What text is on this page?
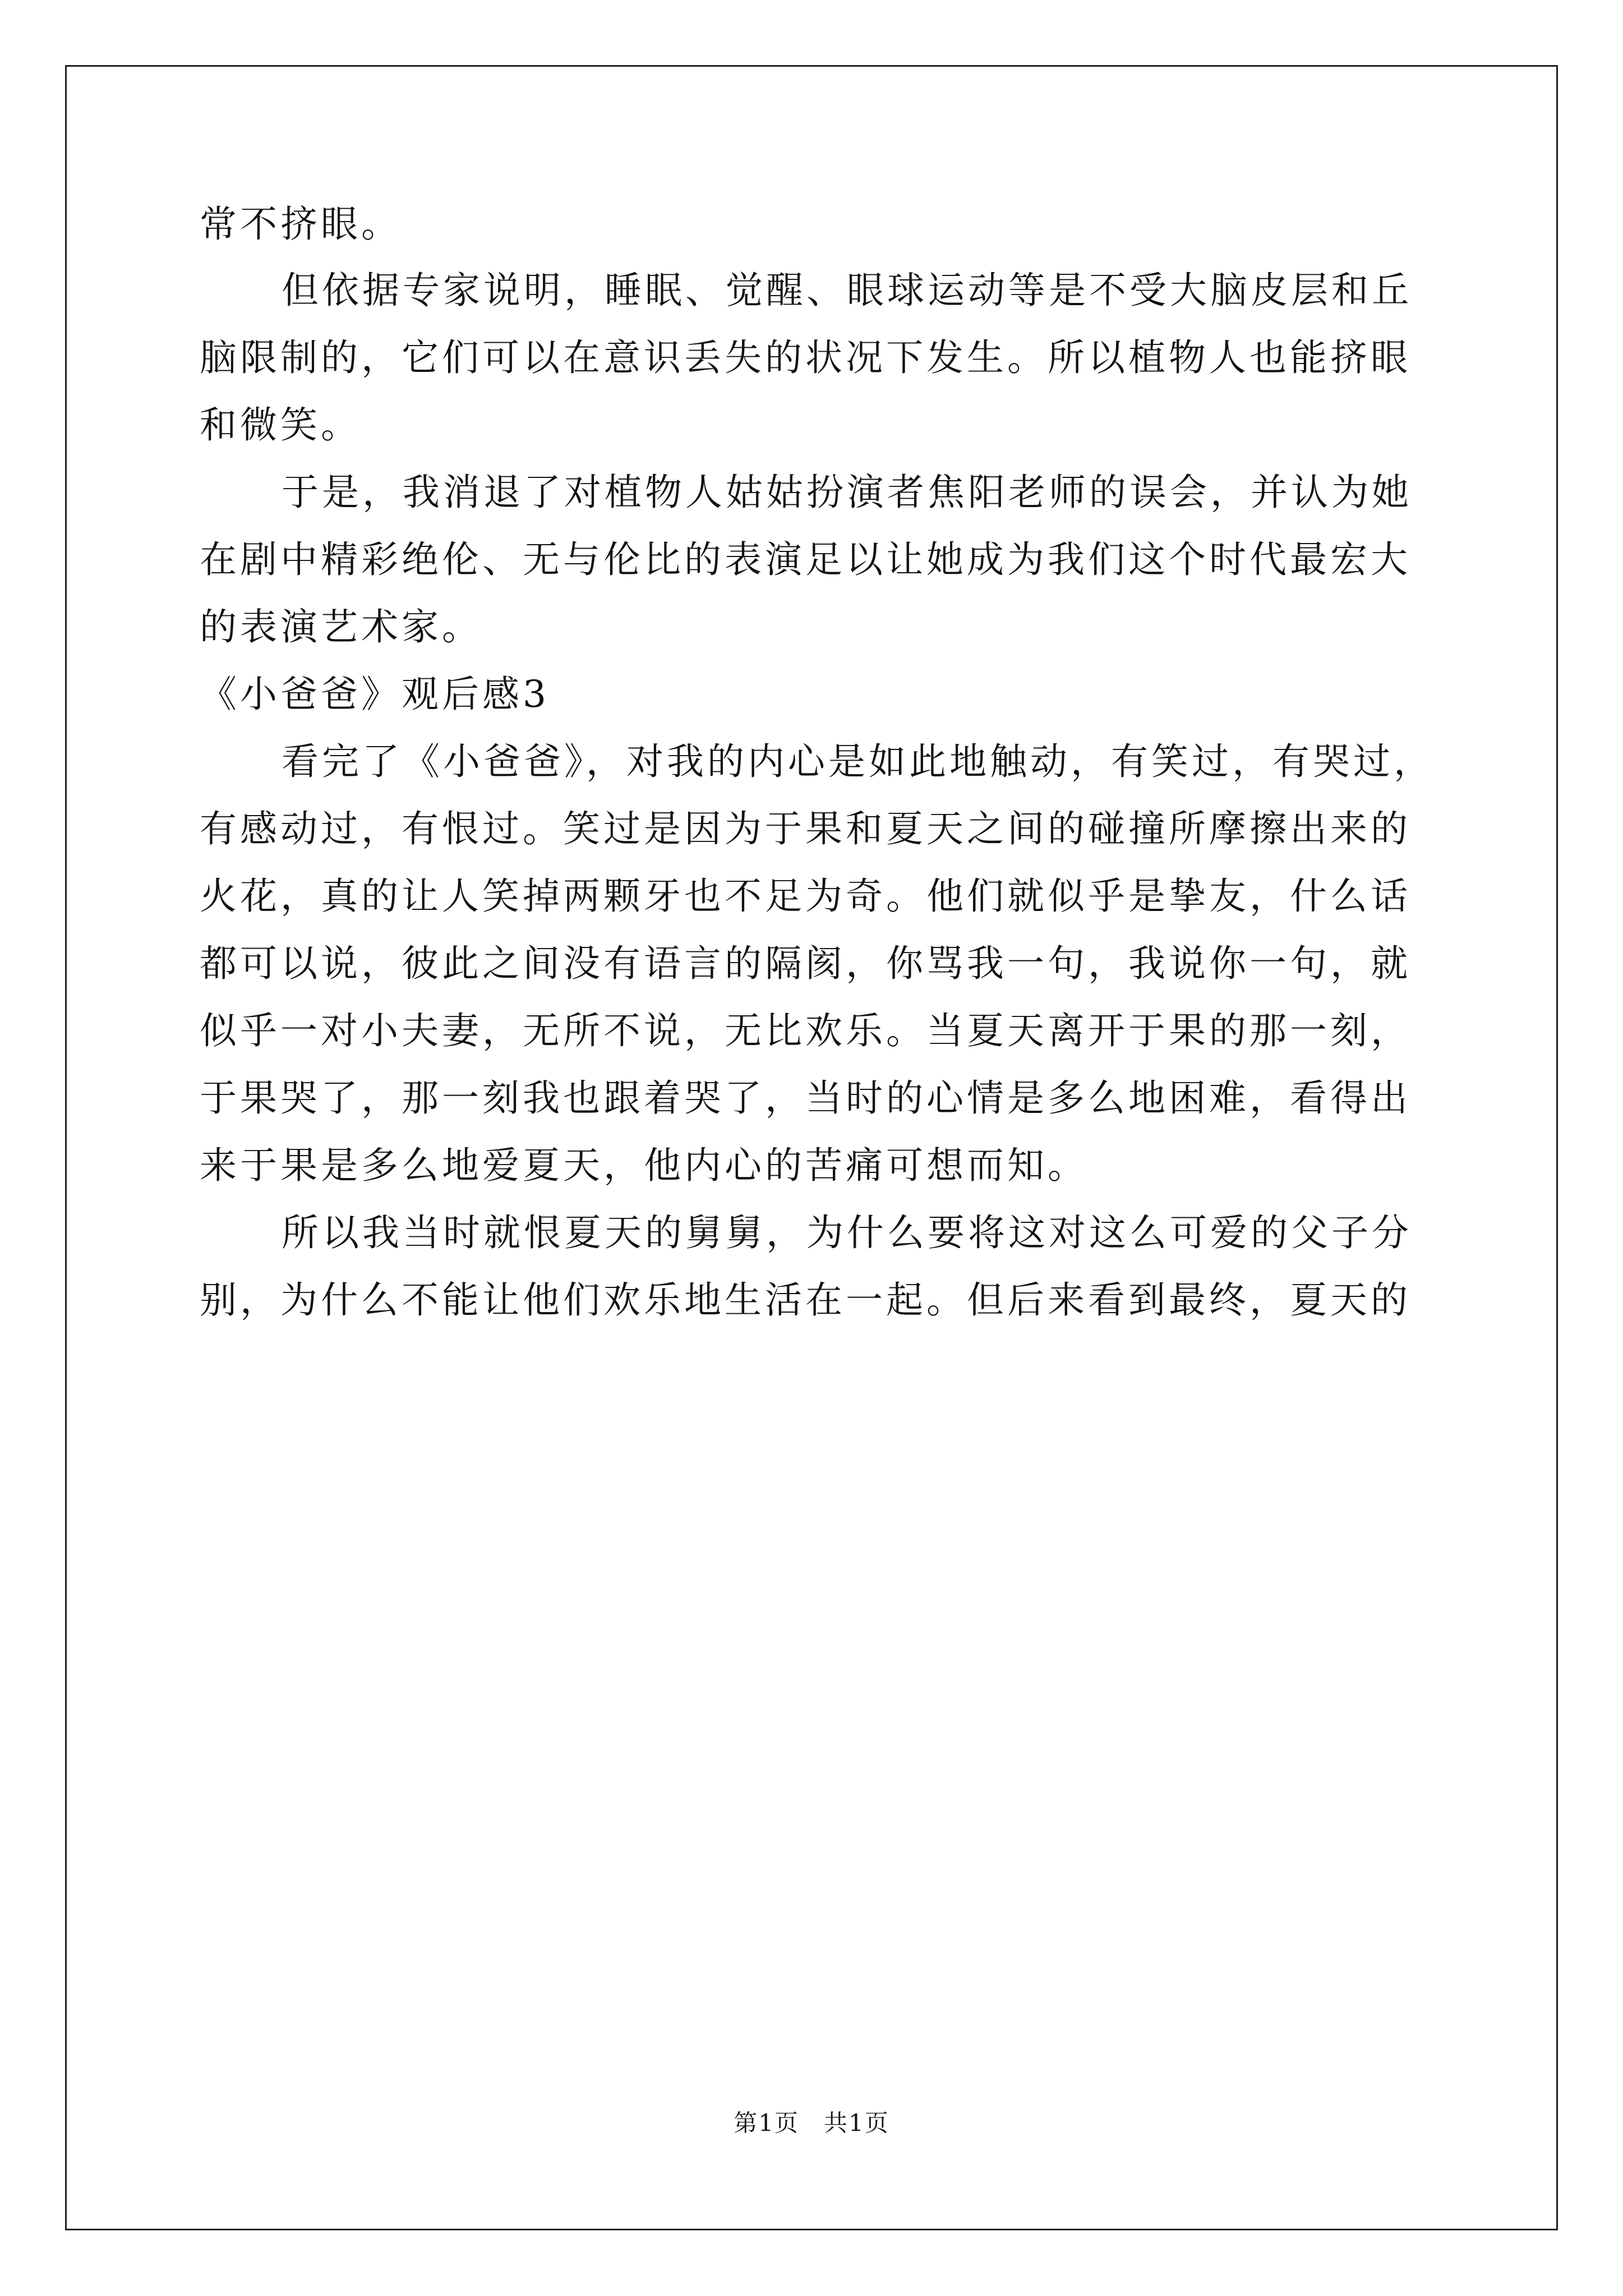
常不挤眼。
但依据专家说明，睡眠、觉醒、眼球运动等是不受大脑皮层和丘
脑限制的，它们可以在意识丢失的状况下发生。所以植物人也能挤眼
和微笑。
于是，我消退了对植物人姑姑扮演者焦阳老师的误会，并认为她
在剧中精彩绝伦、无与伦比的表演足以让她成为我们这个时代最宏大
的表演艺术家。
《小爸爸》观后感3
看完了《小爸爸》，对我的内心是如此地触动，有笑过，有哭过，
有感动过，有恨过。笑过是因为于果和夏天之间的碰撞所摩擦出来的
火花，真的让人笑掉两颗牙也不足为奇。他们就似乎是挚友，什么话
都可以说，彼此之间没有语言的隔阂，你骂我一句，我说你一句，就
似乎一对小夫妻，无所不说，无比欢乐。当夏天离开于果的那一刻，
于果哭了，那一刻我也跟着哭了，当时的心情是多么地困难，看得出
来于果是多么地爱夏天，他内心的苦痛可想而知。
所以我当时就恨夏天的舅舅，为什么要将这对这么可爱的父子分
别，为什么不能让他们欢乐地生活在一起。但后来看到最终，夏天的
第1页　共1页
